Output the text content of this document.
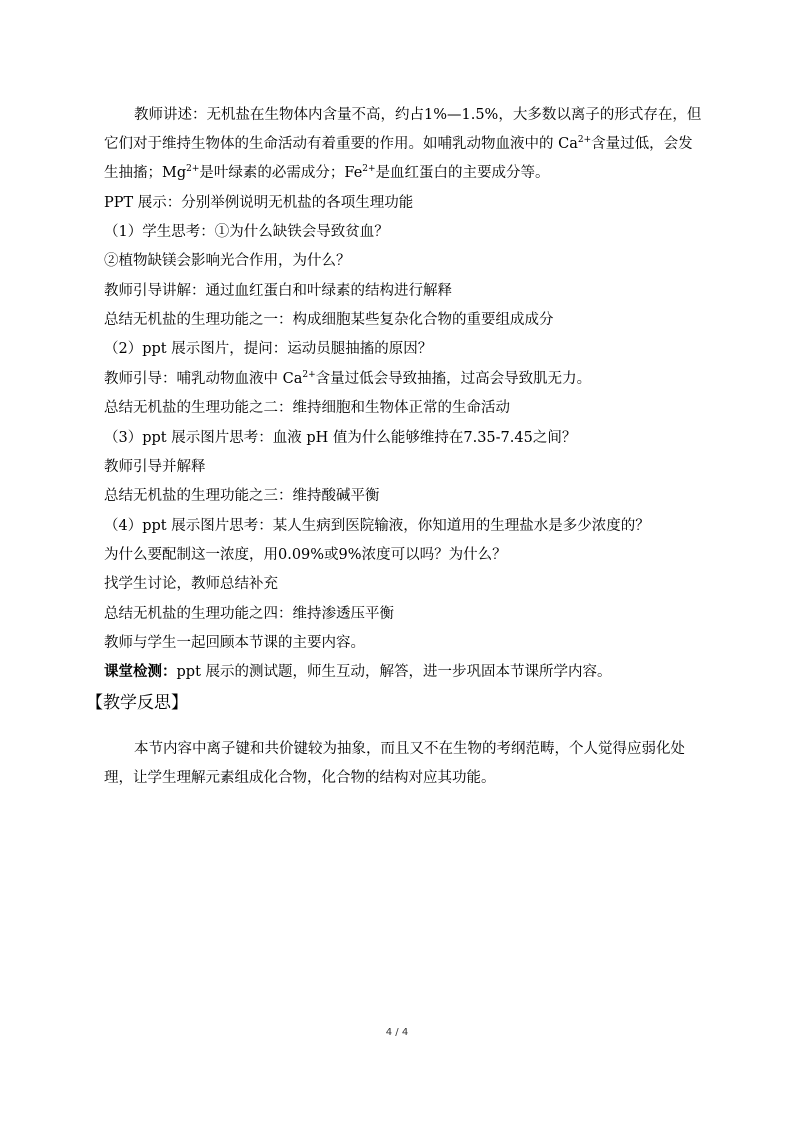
教师讲述：无机盐在生物体内含量不高，约占1%—1.5%，大多数以离子的形式存在，但
它们对于维持生物体的生命活动有着重要的作用。如哺乳动物血液中的 $Ca^{2+}$含量过低，会发
生抽搐；$Mg^{2+}$是叶绿素的必需成分；$Fe^{2+}$是血红蛋白的主要成分等。
PPT 展示：分别举例说明无机盐的各项生理功能
（1）学生思考：①为什么缺铁会导致贫血？
②植物缺镁会影响光合作用，为什么？
教师引导讲解：通过血红蛋白和叶绿素的结构进行解释
总结无机盐的生理功能之一：构成细胞某些复杂化合物的重要组成成分
（2）ppt 展示图片，提问：运动员腿抽搐的原因？
教师引导：哺乳动物血液中 $Ca^{2+}$含量过低会导致抽搐，过高会导致肌无力。
总结无机盐的生理功能之二：维持细胞和生物体正常的生命活动
（3）ppt 展示图片思考：血液 pH 值为什么能够维持在7.35-7.45之间？
教师引导并解释
总结无机盐的生理功能之三：维持酸碱平衡
（4）ppt 展示图片思考：某人生病到医院输液，你知道用的生理盐水是多少浓度的？
为什么要配制这一浓度，用0.09%或9%浓度可以吗？为什么？
找学生讨论，教师总结补充
总结无机盐的生理功能之四：维持渗透压平衡
教师与学生一起回顾本节课的主要内容。
课堂检测：ppt 展示的测试题，师生互动，解答，进一步巩固本节课所学内容。
【教学反思】
本节内容中离子键和共价键较为抽象，而且又不在生物的考纲范畴，个人觉得应弱化处
理，让学生理解元素组成化合物，化合物的结构对应其功能。
4 / 4
